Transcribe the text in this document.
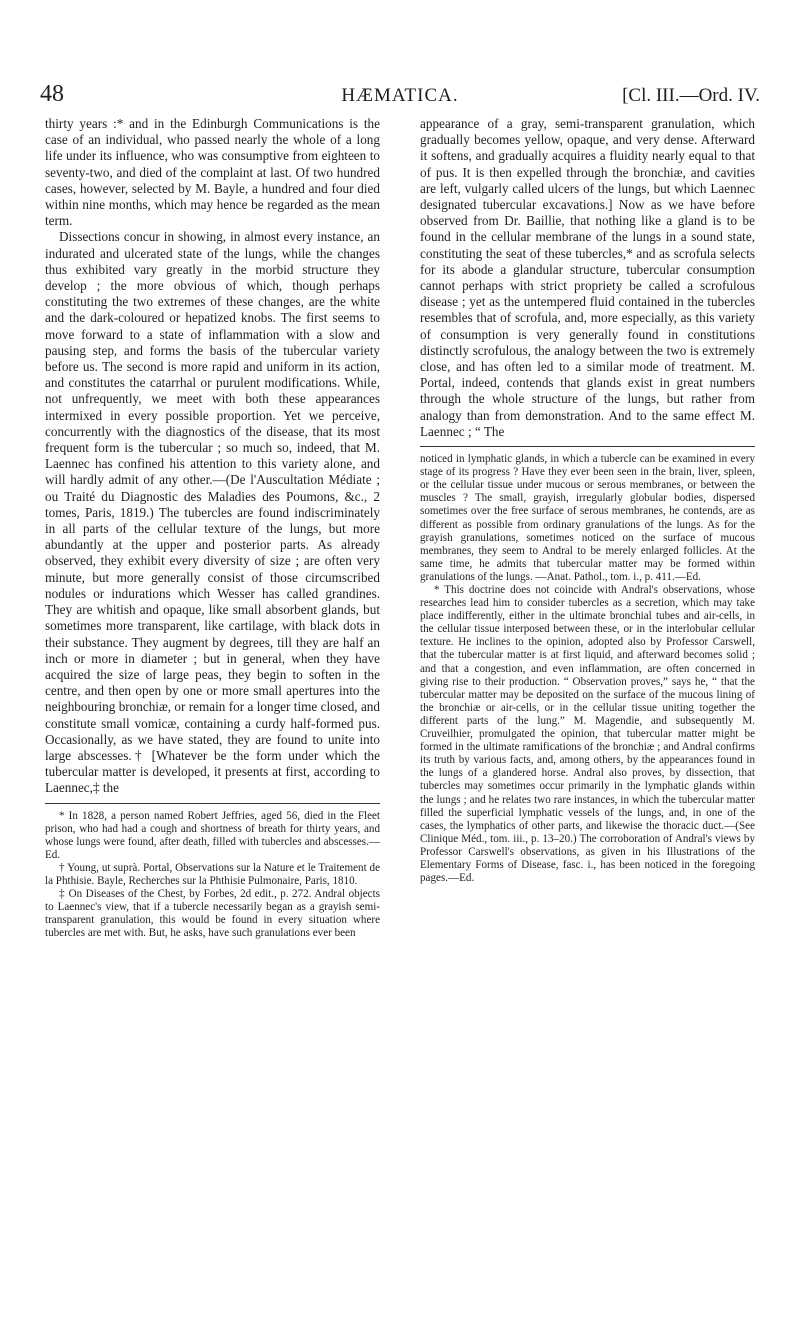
48	HÆMATICA.	[Cl. III.—Ord. IV.

thirty years :* and in the Edinburgh Communications is the case of an individual, who passed nearly the whole of a long life under its influence, who was consumptive from eighteen to seventy-two, and died of the complaint at last. Of two hundred cases, however, selected by M. Bayle, a hundred and four died within nine months, which may hence be regarded as the mean term.

Dissections concur in showing, in almost every instance, an indurated and ulcerated state of the lungs, while the changes thus exhibited vary greatly in the morbid structure they develop ; the more obvious of which, though perhaps constituting the two extremes of these changes, are the white and the dark-coloured or hepatized knobs. The first seems to move forward to a state of inflammation with a slow and pausing step, and forms the basis of the tubercular variety before us. The second is more rapid and uniform in its action, and constitutes the catarrhal or purulent modifications. While, not unfrequently, we meet with both these appearances intermixed in every possible proportion. Yet we perceive, concurrently with the diagnostics of the disease, that its most frequent form is the tubercular ; so much so, indeed, that M. Laennec has confined his attention to this variety alone, and will hardly admit of any other.—(De l'Auscultation Médiate ; ou Traité du Diagnostic des Maladies des Poumons, &c., 2 tomes, Paris, 1819.) The tubercles are found indiscriminately in all parts of the cellular texture of the lungs, but more abundantly at the upper and posterior parts. As already observed, they exhibit every diversity of size ; are often very minute, but more generally consist of those circumscribed nodules or indurations which Wesser has called grandines. They are whitish and opaque, like small absorbent glands, but sometimes more transparent, like cartilage, with black dots in their substance. They augment by degrees, till they are half an inch or more in diameter ; but in general, when they have acquired the size of large peas, they begin to soften in the centre, and then open by one or more small apertures into the neighbouring bronchiæ, or remain for a longer time closed, and constitute small vomicæ, containing a curdy half-formed pus. Occasionally, as we have stated, they are found to unite into large abscesses.† [Whatever be the form under which the tubercular matter is developed, it presents at first, according to Laennec,‡ the

* In 1828, a person named Robert Jeffries, aged 56, died in the Fleet prison, who had had a cough and shortness of breath for thirty years, and whose lungs were found, after death, filled with tubercles and abscesses.—Ed.

† Young, ut suprà. Portal, Observations sur la Nature et le Traitement de la Phthisie. Bayle, Recherches sur la Phthisie Pulmonaire, Paris, 1810.

‡ On Diseases of the Chest, by Forbes, 2d edit., p. 272. Andral objects to Laennec's view, that if a tubercle necessarily began as a grayish semi-transparent granulation, this would be found in every situation where tubercles are met with. But, he asks, have such granulations ever been

appearance of a gray, semi-transparent granulation, which gradually becomes yellow, opaque, and very dense. Afterward it softens, and gradually acquires a fluidity nearly equal to that of pus. It is then expelled through the bronchiæ, and cavities are left, vulgarly called ulcers of the lungs, but which Laennec designated tubercular excavations.] Now as we have before observed from Dr. Baillie, that nothing like a gland is to be found in the cellular membrane of the lungs in a sound state, constituting the seat of these tubercles,* and as scrofula selects for its abode a glandular structure, tubercular consumption cannot perhaps with strict propriety be called a scrofulous disease ; yet as the untempered fluid contained in the tubercles resembles that of scrofula, and, more especially, as this variety of consumption is very generally found in constitutions distinctly scrofulous, the analogy between the two is extremely close, and has often led to a similar mode of treatment. M. Portal, indeed, contends that glands exist in great numbers through the whole structure of the lungs, but rather from analogy than from demonstration. And to the same effect M. Laennec ; “ The

noticed in lymphatic glands, in which a tubercle can be examined in every stage of its progress ? Have they ever been seen in the brain, liver, spleen, or the cellular tissue under mucous or serous membranes, or between the muscles ? The small, grayish, irregularly globular bodies, dispersed sometimes over the free surface of serous membranes, he contends, are as different as possible from ordinary granulations of the lungs. As for the grayish granulations, sometimes noticed on the surface of mucous membranes, they seem to Andral to be merely enlarged follicles. At the same time, he admits that tubercular matter may be formed within granulations of the lungs. —Anat. Pathol., tom. i., p. 411.—Ed.

* This doctrine does not coincide with Andral's observations, whose researches lead him to consider tubercles as a secretion, which may take place indifferently, either in the ultimate bronchial tubes and air-cells, in the cellular tissue interposed between these, or in the interlobular cellular texture. He inclines to the opinion, adopted also by Professor Carswell, that the tubercular matter is at first liquid, and afterward becomes solid ; and that a congestion, and even inflammation, are often concerned in giving rise to their production. “ Observation proves,” says he, “ that the tubercular matter may be deposited on the surface of the mucous lining of the bronchiæ or air-cells, or in the cellular tissue uniting together the different parts of the lung.” M. Magendie, and subsequently M. Cruveilhier, promulgated the opinion, that tubercular matter might be formed in the ultimate ramifications of the bronchiæ ; and Andral confirms its truth by various facts, and, among others, by the appearances found in the lungs of a glandered horse. Andral also proves, by dissection, that tubercles may sometimes occur primarily in the lymphatic glands within the lungs ; and he relates two rare instances, in which the tubercular matter filled the superficial lymphatic vessels of the lungs, and, in one of the cases, the lymphatics of other parts, and likewise the thoracic duct.—(See Clinique Méd., tom. iii., p. 13–20.) The corroboration of Andral's views by Professor Carswell's observations, as given in his Illustrations of the Elementary Forms of Disease, fasc. i., has been noticed in the foregoing pages.—Ed.
